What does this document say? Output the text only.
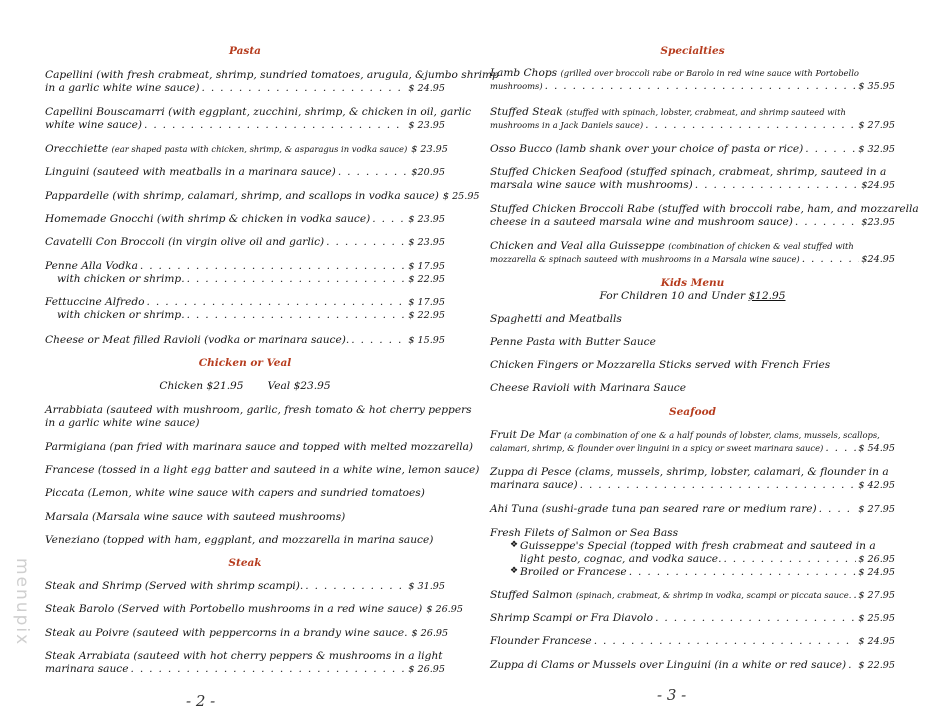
Pasta
Capellini (with fresh crabmeat, shrimp, sundried tomatoes, arugula, &jumbo shrimp
in a garlic white wine sauce) . . .	$ 24.95
Capellini Bouscamarri (with eggplant, zucchini, shrimp, & chicken in oil, garlic
white wine sauce) . . .	$ 23.95
Orecchiette (ear shaped pasta with chicken, shrimp, & asparagus in vodka sauce) $ 23.95
Linguini (sauteed with meatballs in a marinara sauce) . . .	$20.95
Pappardelle (with shrimp, calamari, shrimp, and scallops in vodka sauce) $ 25.95
Homemade Gnocchi (with shrimp & chicken in vodka sauce) . . .	$ 23.95
Cavatelli Con Broccoli (in virgin olive oil and garlic) . . .	$ 23.95
Penne Alla Vodka . . .	$ 17.95
with chicken or shrimp. . . .	$ 22.95
Fettuccine Alfredo . . .	$ 17.95
with chicken or shrimp. . . .	$ 22.95
Cheese or Meat filled Ravioli (vodka or marinara sauce). . . .	$ 15.95
Chicken or Veal
Chicken $21.95 Veal $23.95
Arrabbiata (sauteed with mushroom, garlic, fresh tomato & hot cherry peppers
in a garlic white wine sauce)
Parmigiana (pan fried with marinara sauce and topped with melted mozzarella)
Francese (tossed in a light egg batter and sauteed in a white wine, lemon sauce)
Piccata (Lemon, white wine sauce with capers and sundried tomatoes)
Marsala (Marsala wine sauce with sauteed mushrooms)
Veneziano (topped with ham, eggplant, and mozzarella in marina sauce)
Steak
Steak and Shrimp (Served with shrimp scampi). . . .	$ 31.95
Steak Barolo (Served with Portobello mushrooms in a red wine sauce) $ 26.95
Steak au Poivre (sauteed with peppercorns in a brandy wine sauce. $ 26.95
Steak Arrabiata (sauteed with hot cherry peppers & mushrooms in a light
marinara sauce . . .	$ 26.95
- 2 -
Specialties
Lamb Chops (grilled over broccoli rabe or Barolo in red wine sauce with Portobello
mushrooms) . . .	$ 35.95
Stuffed Steak (stuffed with spinach, lobster, crabmeat, and shrimp sauteed with
mushrooms in a Jack Daniels sauce) . . .	$ 27.95
Osso Bucco (lamb shank over your choice of pasta or rice) . . .	$ 32.95
Stuffed Chicken Seafood (stuffed spinach, crabmeat, shrimp, sauteed in a
marsala wine sauce with mushrooms) . . .	$24.95
Stuffed Chicken Broccoli Rabe (stuffed with broccoli rabe, ham, and mozzarella
cheese in a sauteed marsala wine and mushroom sauce) . . .	$23.95
Chicken and Veal alla Guisseppe (combination of chicken & veal stuffed with
mozzarella & spinach sauteed with mushrooms in a Marsala wine sauce) . . .	$24.95
Kids Menu
For Children 10 and Under $12.95
Spaghetti and Meatballs
Penne Pasta with Butter Sauce
Chicken Fingers or Mozzarella Sticks served with French Fries
Cheese Ravioli with Marinara Sauce
Seafood
Fruit De Mar (a combination of one & a half pounds of lobster, clams, mussels, scallops,
calamari, shrimp, & flounder over linguini in a spicy or sweet marinara sauce) . . .	$ 54.95
Zuppa di Pesce (clams, mussels, shrimp, lobster, calamari, & flounder in a
marinara sauce) . . .	$ 42.95
Ahi Tuna (sushi-grade tuna pan seared rare or medium rare) . . .	$ 27.95
Fresh Filets of Salmon or Sea Bass
❖ Guisseppe's Special (topped with fresh crabmeat and sauteed in a
light pesto, cognac, and vodka sauce. . . .	$ 26.95
❖ Broiled or Francese . . .	$ 24.95
Stuffed Salmon (spinach, crabmeat, & shrimp in vodka, scampi or piccata sauce. . . . $ 27.95
Shrimp Scampi or Fra Diavolo . . .	$ 25.95
Flounder Francese . . .	$ 24.95
Zuppa di Clams or Mussels over Linguini (in a white or red sauce) . . . $ 22.95
- 3 -
menupix
